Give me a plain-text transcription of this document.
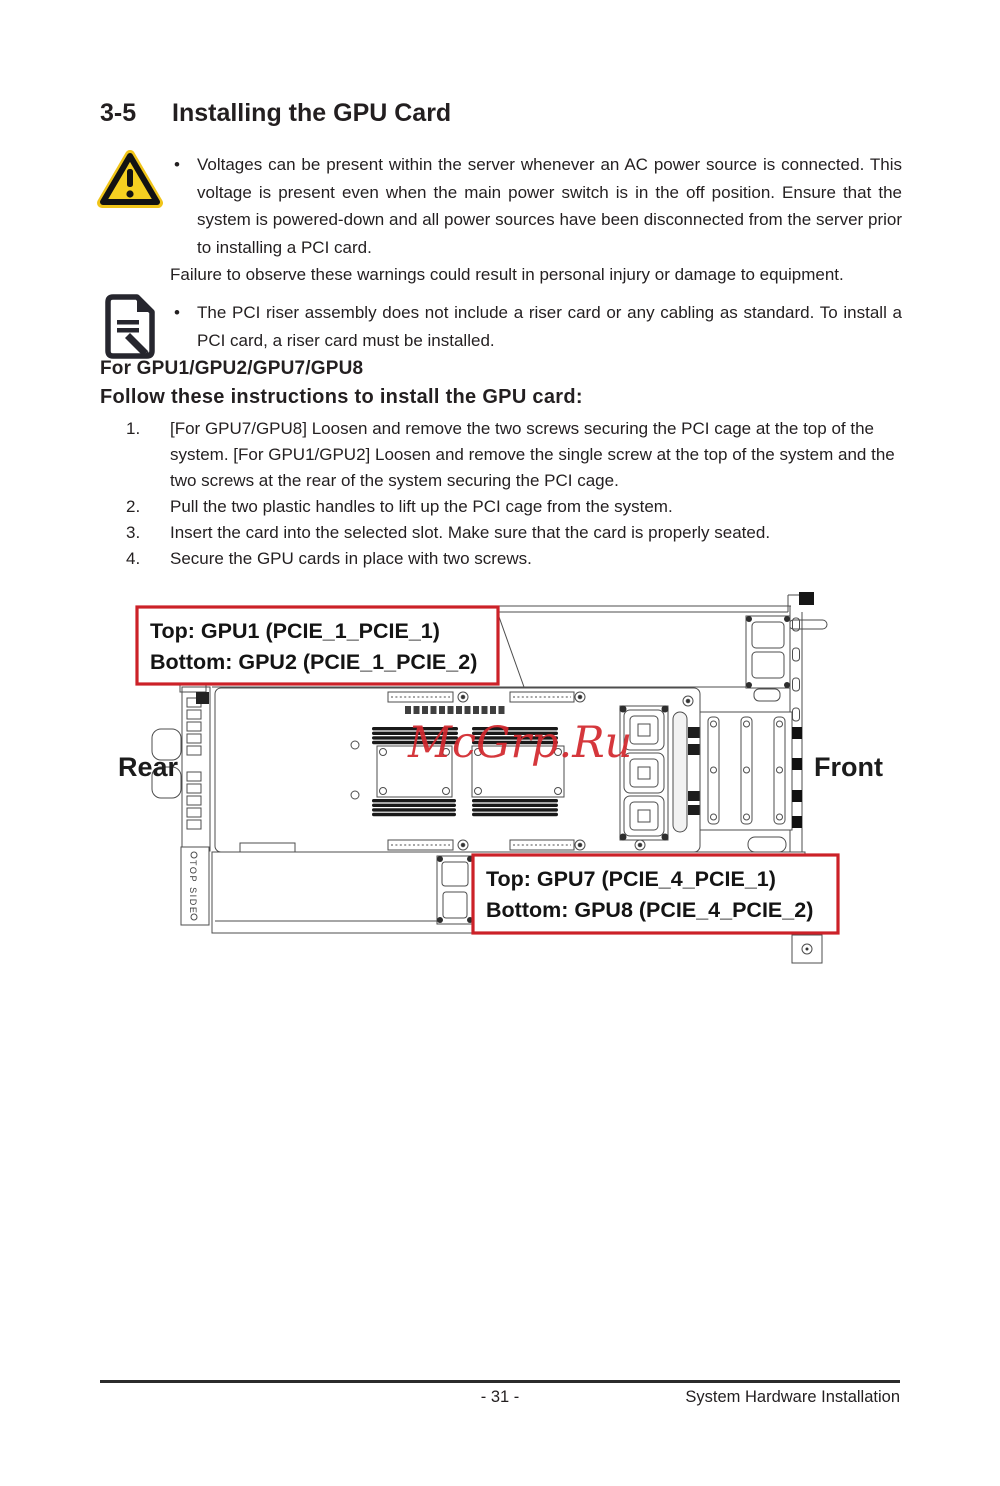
3-5 Installing the GPU Card
• Voltages can be present within the server whenever an AC power source is connected. This voltage is present even when the main power switch is in the off position. Ensure that the system is powered-down and all power sources have been disconnected from the server prior to installing a PCI card.
Failure to observe these warnings could result in personal injury or damage to equipment.
• The PCI riser assembly does not include a riser card or any cabling as standard. To install a PCI card, a riser card must be installed.
For GPU1/GPU2/GPU7/GPU8
Follow these instructions to install the GPU card:
1.	[For GPU7/GPU8] Loosen and remove the two screws securing the PCI cage at the top of the system. [For GPU1/GPU2] Loosen and remove the single screw at the top of the system and the two screws at the rear of the system securing the PCI cage.
2.	Pull the two plastic handles to lift up the PCI cage from the system.
3.	Insert the card into the selected slot. Make sure that the card is properly seated.
4.	Secure the GPU cards in place with two screws.
TOP SIDE
McGrp.Ru
Rear	Front
Top: GPU1 (PCIE_1_PCIE_1)
Bottom: GPU2 (PCIE_1_PCIE_2)
Top: GPU7 (PCIE_4_PCIE_1)
Bottom: GPU8 (PCIE_4_PCIE_2)
- 31 -	System Hardware Installation
